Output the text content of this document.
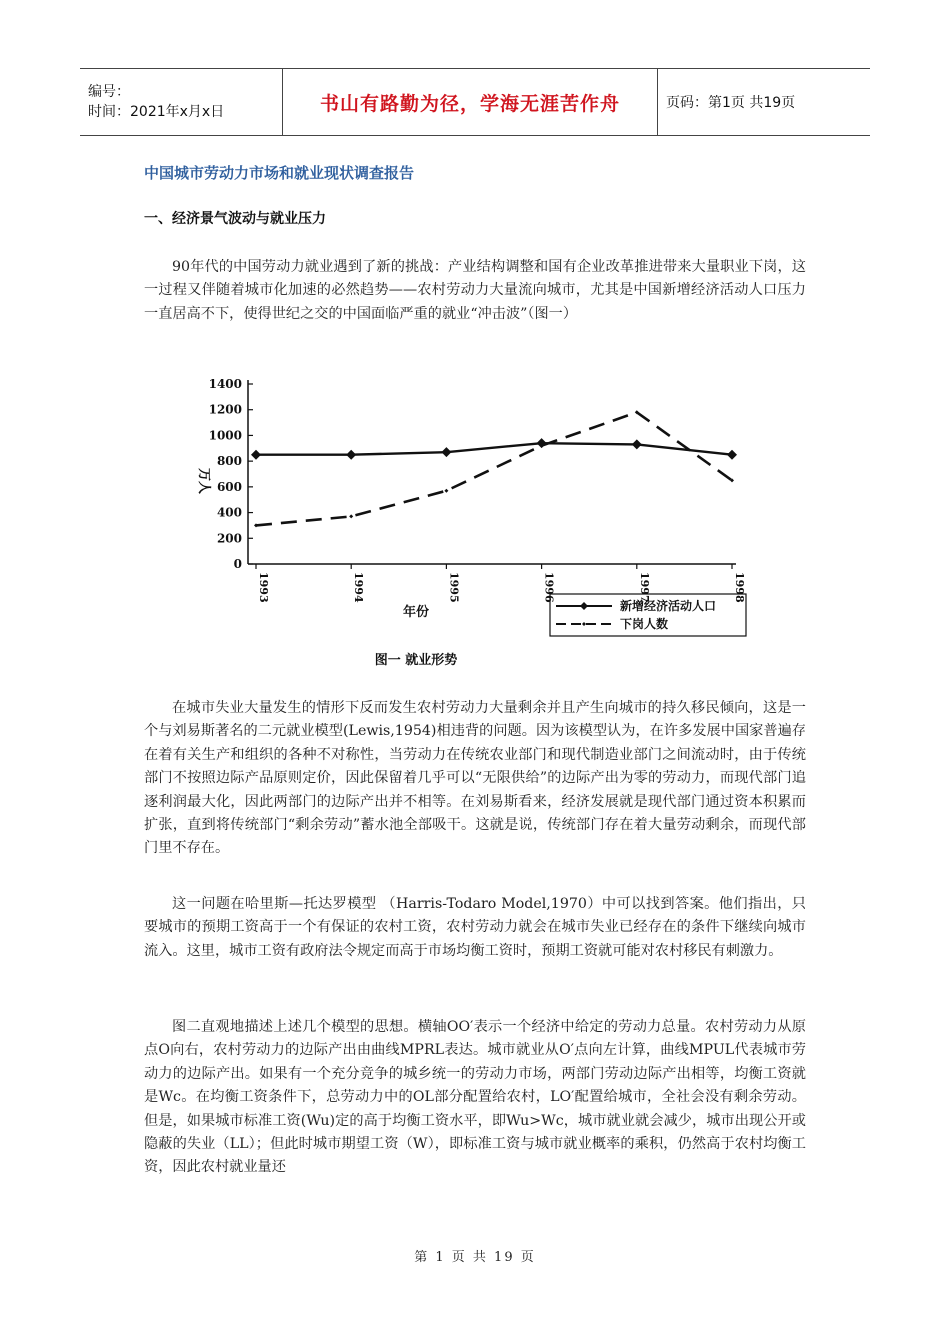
编号：
时间：2021年x月x日	书山有路勤为径，学海无涯苦作舟	页码：第1页 共19页
中国城市劳动力市场和就业现状调查报告
一、经济景气波动与就业压力

90年代的中国劳动力就业遇到了新的挑战：产业结构调整和国有企业改革推进带来大量职业下岗，这一过程又伴随着城市化加速的必然趋势——农村劳动力大量流向城市，尤其是中国新增经济活动人口压力一直居高不下，使得世纪之交的中国面临严重的就业“冲击波”（图一）

0
200
400
600
800
1000
1200
1400
1993	1994	1995	1996	1997	1998
万人
年份	新增经济活动人口
下岗人数
图一 就业形势

在城市失业大量发生的情形下反而发生农村劳动力大量剩余并且产生向城市的持久移民倾向，这是一个与刘易斯著名的二元就业模型(Lewis,1954)相违背的问题。因为该模型认为，在许多发展中国家普遍存在着有关生产和组织的各种不对称性，当劳动力在传统农业部门和现代制造业部门之间流动时，由于传统部门不按照边际产品原则定价，因此保留着几乎可以“无限供给”的边际产出为零的劳动力，而现代部门追逐利润最大化，因此两部门的边际产出并不相等。在刘易斯看来，经济发展就是现代部门通过资本积累而扩张，直到将传统部门“剩余劳动”蓄水池全部吸干。这就是说，传统部门存在着大量劳动剩余，而现代部门里不存在。

这一问题在哈里斯—托达罗模型 （Harris-Todaro Model,1970）中可以找到答案。他们指出，只要城市的预期工资高于一个有保证的农村工资，农村劳动力就会在城市失业已经存在的条件下继续向城市流入。这里，城市工资有政府法令规定而高于市场均衡工资时，预期工资就可能对农村移民有刺激力。

图二直观地描述上述几个模型的思想。横轴OO′表示一个经济中给定的劳动力总量。农村劳动力从原点O向右，农村劳动力的边际产出由曲线MPRL表达。城市就业从O′点向左计算，曲线MPUL代表城市劳动力的边际产出。如果有一个充分竞争的城乡统一的劳动力市场，两部门劳动边际产出相等，均衡工资就是Wc。在均衡工资条件下，总劳动力中的OL部分配置给农村，LO′配置给城市，全社会没有剩余劳动。但是，如果城市标准工资(Wu)定的高于均衡工资水平，即Wu>Wc，城市就业就会减少，城市出现公开或隐蔽的失业（LL）；但此时城市期望工资（W），即标准工资与城市就业概率的乘积，仍然高于农村均衡工资，因此农村就业量还

第 1 页 共 19 页
